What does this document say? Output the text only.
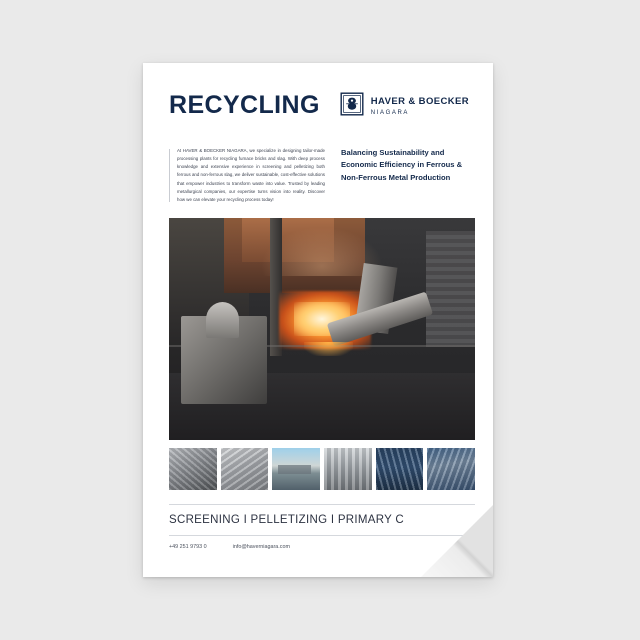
RECYCLING	HAVER & BOECKER
NIAGARA
At HAVER & BOECKER NIAGARA, we specialize in designing tailor-made processing plants for recycling furnace bricks and slag. With deep process knowledge and extensive experience in screening and pelletizing both ferrous and non-ferrous slag, we deliver sustainable, cost-effective solutions that empower industries to transform waste into value. Trusted by leading metallurgical companies, our expertise turns vision into reality. Discover how we can elevate your recycling process today!
Balancing Sustainability and Economic Efficiency in Ferrous & Non-Ferrous Metal Production
SCREENING I PELLETIZING I PRIMARY C
+49 251 9793 0	info@haverniagara.com
